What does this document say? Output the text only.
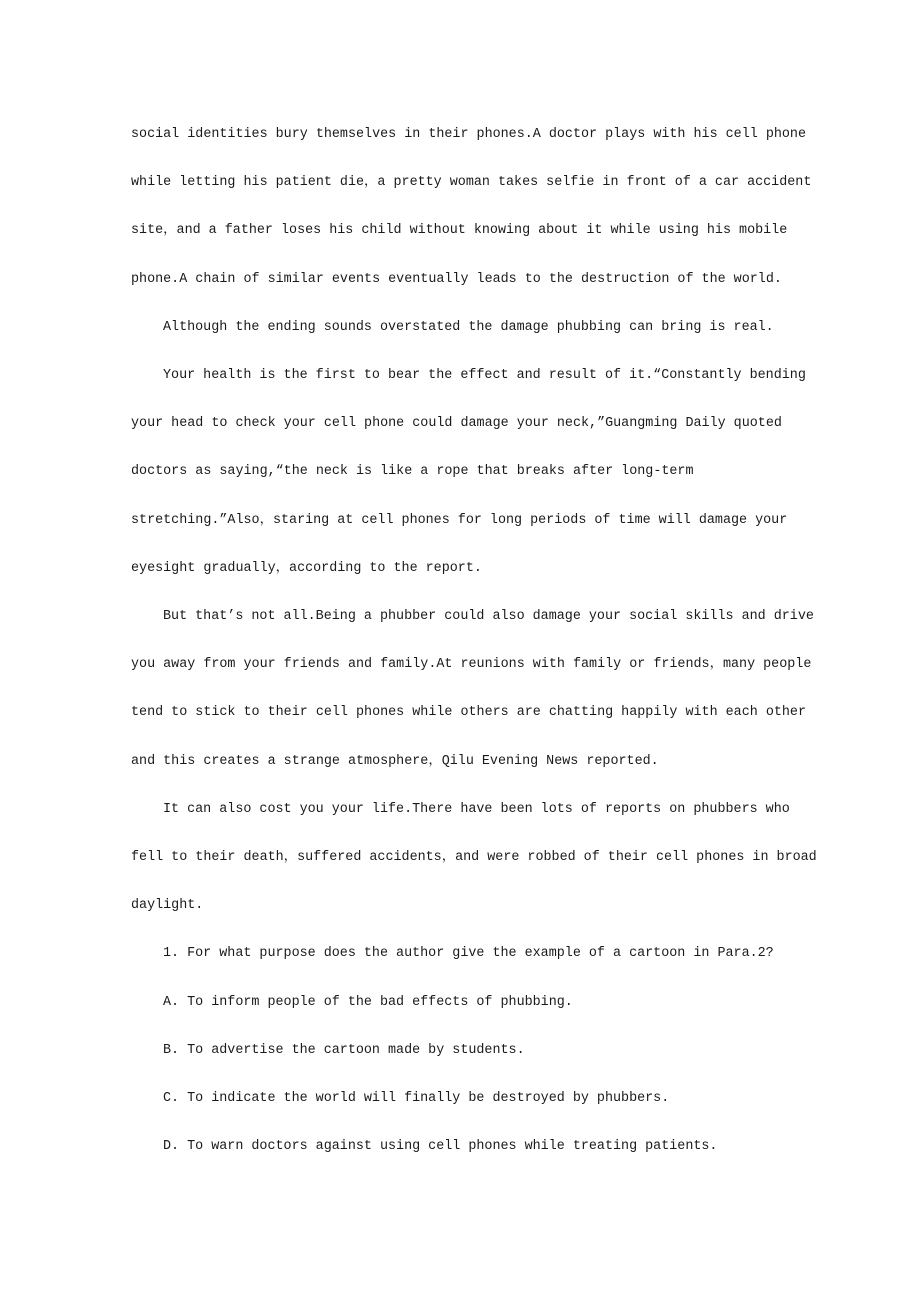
social identities bury themselves in their phones.A doctor plays with his cell phone
while letting his patient die，a pretty woman takes selfie in front of a car accident
site，and a father loses his child without knowing about it while using his mobile
phone.A chain of similar events eventually leads to the destruction of the world.
Although the ending sounds overstated the damage phubbing can bring is real.
Your health is the first to bear the effect and result of it.“Constantly bending
your head to check your cell phone could damage your neck,”Guangming Daily quoted
doctors as saying,“the neck is like a rope that breaks after long-term
stretching.”Also，staring at cell phones for long periods of time will damage your
eyesight gradually，according to the report.
But that’s not all.Being a phubber could also damage your social skills and drive
you away from your friends and family.At reunions with family or friends，many people
tend to stick to their cell phones while others are chatting happily with each other
and this creates a strange atmosphere，Qilu Evening News reported.
It can also cost you your life.There have been lots of reports on phubbers who
fell to their death，suffered accidents，and were robbed of their cell phones in broad
daylight.
1. For what purpose does the author give the example of a cartoon in Para.2?
A. To inform people of the bad effects of phubbing.
B. To advertise the cartoon made by students.
C. To indicate the world will finally be destroyed by phubbers.
D. To warn doctors against using cell phones while treating patients.
